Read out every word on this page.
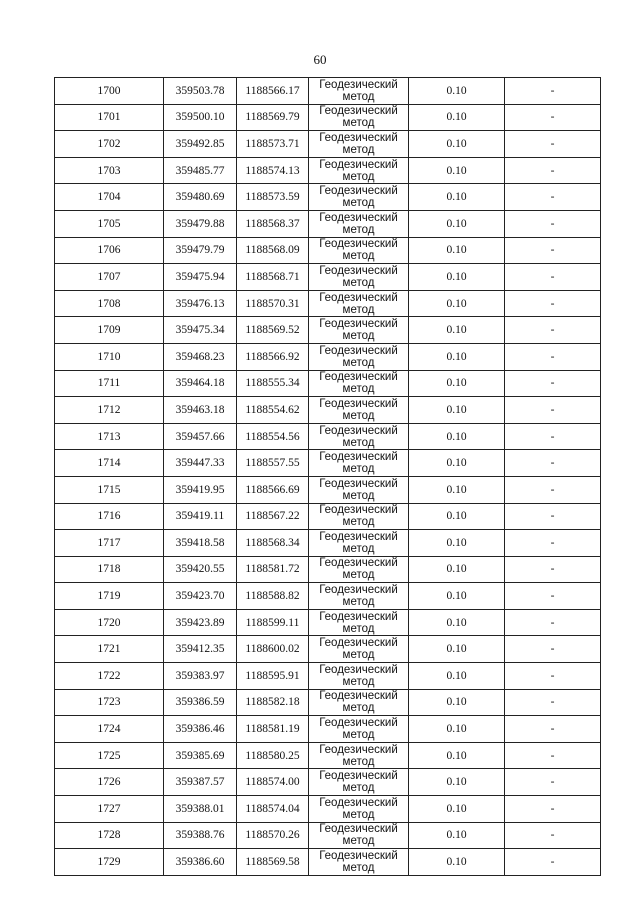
60
1700	359503.78	1188566.17	Геодезический метод	0.10	-
1701	359500.10	1188569.79	Геодезический метод	0.10	-
1702	359492.85	1188573.71	Геодезический метод	0.10	-
1703	359485.77	1188574.13	Геодезический метод	0.10	-
1704	359480.69	1188573.59	Геодезический метод	0.10	-
1705	359479.88	1188568.37	Геодезический метод	0.10	-
1706	359479.79	1188568.09	Геодезический метод	0.10	-
1707	359475.94	1188568.71	Геодезический метод	0.10	-
1708	359476.13	1188570.31	Геодезический метод	0.10	-
1709	359475.34	1188569.52	Геодезический метод	0.10	-
1710	359468.23	1188566.92	Геодезический метод	0.10	-
1711	359464.18	1188555.34	Геодезический метод	0.10	-
1712	359463.18	1188554.62	Геодезический метод	0.10	-
1713	359457.66	1188554.56	Геодезический метод	0.10	-
1714	359447.33	1188557.55	Геодезический метод	0.10	-
1715	359419.95	1188566.69	Геодезический метод	0.10	-
1716	359419.11	1188567.22	Геодезический метод	0.10	-
1717	359418.58	1188568.34	Геодезический метод	0.10	-
1718	359420.55	1188581.72	Геодезический метод	0.10	-
1719	359423.70	1188588.82	Геодезический метод	0.10	-
1720	359423.89	1188599.11	Геодезический метод	0.10	-
1721	359412.35	1188600.02	Геодезический метод	0.10	-
1722	359383.97	1188595.91	Геодезический метод	0.10	-
1723	359386.59	1188582.18	Геодезический метод	0.10	-
1724	359386.46	1188581.19	Геодезический метод	0.10	-
1725	359385.69	1188580.25	Геодезический метод	0.10	-
1726	359387.57	1188574.00	Геодезический метод	0.10	-
1727	359388.01	1188574.04	Геодезический метод	0.10	-
1728	359388.76	1188570.26	Геодезический метод	0.10	-
1729	359386.60	1188569.58	Геодезический метод	0.10	-
